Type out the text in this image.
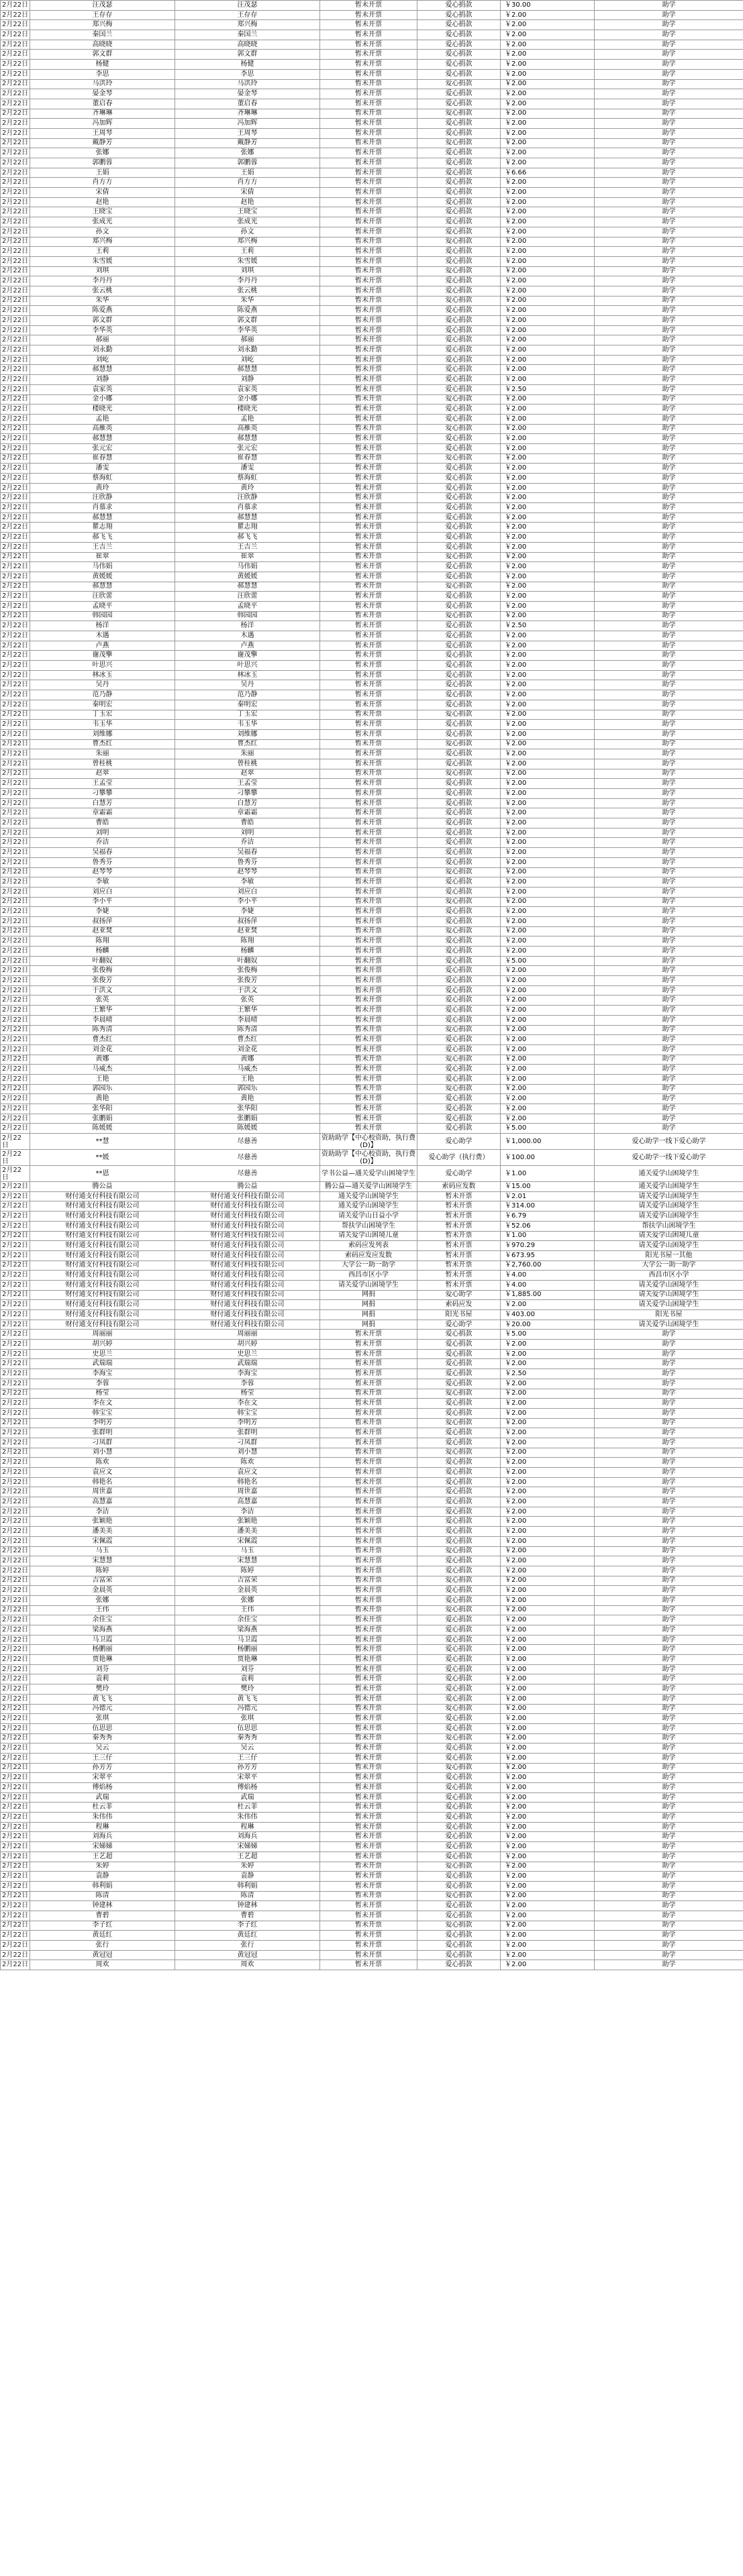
2月22日	汪茂瑟	汪茂瑟	暂未开票	爱心捐款	￥30.00	助学
2月22日	王存存	王存存	暂未开票	爱心捐款	￥2.00	助学
2月22日	郑兴梅	郑兴梅	暂未开票	爱心捐款	￥2.00	助学
2月22日	秦国兰	秦国兰	暂未开票	爱心捐款	￥2.00	助学
2月22日	高晓晓	高晓晓	暂未开票	爱心捐款	￥2.00	助学
2月22日	郭文群	郭文群	暂未开票	爱心捐款	￥2.00	助学
2月22日	杨健	杨健	暂未开票	爱心捐款	￥2.00	助学
2月22日	李思	李思	暂未开票	爱心捐款	￥2.00	助学
2月22日	马洪玲	马洪玲	暂未开票	爱心捐款	￥2.00	助学
2月22日	晏金琴	晏金琴	暂未开票	爱心捐款	￥2.00	助学
2月22日	董启春	董启春	暂未开票	爱心捐款	￥2.00	助学
2月22日	齐琳琳	齐琳琳	暂未开票	爱心捐款	￥2.00	助学
2月22日	冯加辉	冯加辉	暂未开票	爱心捐款	￥2.00	助学
2月22日	王周琴	王周琴	暂未开票	爱心捐款	￥2.00	助学
2月22日	戴静芳	戴静芳	暂未开票	爱心捐款	￥2.00	助学
2月22日	张娜	张娜	暂未开票	爱心捐款	￥2.00	助学
2月22日	郭鹏蓉	郭鹏蓉	暂未开票	爱心捐款	￥2.00	助学
2月22日	王娟	王娟	暂未开票	爱心捐款	￥6.66	助学
2月22日	肖方方	肖方方	暂未开票	爱心捐款	￥2.00	助学
2月22日	宋倩	宋倩	暂未开票	爱心捐款	￥2.00	助学
2月22日	赵艳	赵艳	暂未开票	爱心捐款	￥2.00	助学
2月22日	王晓宝	王晓宝	暂未开票	爱心捐款	￥2.00	助学
2月22日	张成光	张成光	暂未开票	爱心捐款	￥2.00	助学
2月22日	孙文	孙文	暂未开票	爱心捐款	￥2.00	助学
2月22日	郑兴梅	郑兴梅	暂未开票	爱心捐款	￥2.00	助学
2月22日	王莉	王莉	暂未开票	爱心捐款	￥2.00	助学
2月22日	朱雪媛	朱雪媛	暂未开票	爱心捐款	￥2.00	助学
2月22日	刘琪	刘琪	暂未开票	爱心捐款	￥2.00	助学
2月22日	李丹丹	李丹丹	暂未开票	爱心捐款	￥2.00	助学
2月22日	张云桃	张云桃	暂未开票	爱心捐款	￥2.00	助学
2月22日	朱华	朱华	暂未开票	爱心捐款	￥2.00	助学
2月22日	陈爱燕	陈爱燕	暂未开票	爱心捐款	￥2.00	助学
2月22日	郭文群	郭文群	暂未开票	爱心捐款	￥2.00	助学
2月22日	李华英	李华英	暂未开票	爱心捐款	￥2.00	助学
2月22日	郝丽	郝丽	暂未开票	爱心捐款	￥2.00	助学
2月22日	刘永勤	刘永勤	暂未开票	爱心捐款	￥2.00	助学
2月22日	刘屹	刘屹	暂未开票	爱心捐款	￥2.00	助学
2月22日	郝慧慧	郝慧慧	暂未开票	爱心捐款	￥2.00	助学
2月22日	刘静	刘静	暂未开票	爱心捐款	￥2.00	助学
2月22日	袁家英	袁家英	暂未开票	爱心捐款	￥2.50	助学
2月22日	金小娜	金小娜	暂未开票	爱心捐款	￥2.00	助学
2月22日	楼晓光	楼晓光	暂未开票	爱心捐款	￥2.00	助学
2月22日	孟艳	孟艳	暂未开票	爱心捐款	￥2.00	助学
2月22日	高雁英	高雁英	暂未开票	爱心捐款	￥2.00	助学
2月22日	郝慧慧	郝慧慧	暂未开票	爱心捐款	￥2.00	助学
2月22日	张元宏	张元宏	暂未开票	爱心捐款	￥2.00	助学
2月22日	崔春慧	崔春慧	暂未开票	爱心捐款	￥2.00	助学
2月22日	潘雯	潘雯	暂未开票	爱心捐款	￥2.00	助学
2月22日	蔡海虹	蔡海虹	暂未开票	爱心捐款	￥2.00	助学
2月22日	黄玲	黄玲	暂未开票	爱心捐款	￥2.00	助学
2月22日	汪欣静	汪欣静	暂未开票	爱心捐款	￥2.00	助学
2月22日	肖慕求	肖慕求	暂未开票	爱心捐款	￥2.00	助学
2月22日	郝慧慧	郝慧慧	暂未开票	爱心捐款	￥2.00	助学
2月22日	瞿志翔	瞿志翔	暂未开票	爱心捐款	￥2.00	助学
2月22日	郝飞飞	郝飞飞	暂未开票	爱心捐款	￥2.00	助学
2月22日	王吉兰	王吉兰	暂未开票	爱心捐款	￥2.00	助学
2月22日	崔翠	崔翠	暂未开票	爱心捐款	￥2.00	助学
2月22日	马伟娟	马伟娟	暂未开票	爱心捐款	￥2.00	助学
2月22日	黄媛媛	黄媛媛	暂未开票	爱心捐款	￥2.00	助学
2月22日	郝慧慧	郝慧慧	暂未开票	爱心捐款	￥2.00	助学
2月22日	汪欣蕾	汪欣蕾	暂未开票	爱心捐款	￥2.00	助学
2月22日	孟晓平	孟晓平	暂未开票	爱心捐款	￥2.00	助学
2月22日	韩园园	韩园园	暂未开票	爱心捐款	￥2.00	助学
2月22日	杨洋	杨洋	暂未开票	爱心捐款	￥2.50	助学
2月22日	木遇	木遇	暂未开票	爱心捐款	￥2.00	助学
2月22日	卢燕	卢燕	暂未开票	爱心捐款	￥2.00	助学
2月22日	谢茂擎	谢茂擎	暂未开票	爱心捐款	￥2.00	助学
2月22日	叶思兴	叶思兴	暂未开票	爱心捐款	￥2.00	助学
2月22日	林冰玉	林冰玉	暂未开票	爱心捐款	￥2.00	助学
2月22日	吴丹	吴丹	暂未开票	爱心捐款	￥2.00	助学
2月22日	范乃静	范乃静	暂未开票	爱心捐款	￥2.00	助学
2月22日	秦明宏	秦明宏	暂未开票	爱心捐款	￥2.00	助学
2月22日	丁玉宏	丁玉宏	暂未开票	爱心捐款	￥2.00	助学
2月22日	韦玉华	韦玉华	暂未开票	爱心捐款	￥2.00	助学
2月22日	刘维娜	刘维娜	暂未开票	爱心捐款	￥2.00	助学
2月22日	曹杰红	曹杰红	暂未开票	爱心捐款	￥2.00	助学
2月22日	朱丽	朱丽	暂未开票	爱心捐款	￥2.00	助学
2月22日	曾桂桃	曾桂桃	暂未开票	爱心捐款	￥2.00	助学
2月22日	赵翠	赵翠	暂未开票	爱心捐款	￥2.00	助学
2月22日	王孟莹	王孟莹	暂未开票	爱心捐款	￥2.00	助学
2月22日	刁攀攀	刁攀攀	暂未开票	爱心捐款	￥2.00	助学
2月22日	白慧芳	白慧芳	暂未开票	爱心捐款	￥2.00	助学
2月22日	章霜霜	章霜霜	暂未开票	爱心捐款	￥2.00	助学
2月22日	曹皓	曹皓	暂未开票	爱心捐款	￥2.00	助学
2月22日	刘明	刘明	暂未开票	爱心捐款	￥2.00	助学
2月22日	乔洁	乔洁	暂未开票	爱心捐款	￥2.00	助学
2月22日	吴福春	吴福春	暂未开票	爱心捐款	￥2.00	助学
2月22日	鲁秀芬	鲁秀芬	暂未开票	爱心捐款	￥2.00	助学
2月22日	赵琴琴	赵琴琴	暂未开票	爱心捐款	￥2.00	助学
2月22日	李敏	李敏	暂未开票	爱心捐款	￥2.00	助学
2月22日	刘应白	刘应白	暂未开票	爱心捐款	￥2.00	助学
2月22日	李小平	李小平	暂未开票	爱心捐款	￥2.00	助学
2月22日	李婕	李婕	暂未开票	爱心捐款	￥2.00	助学
2月22日	叔扬萍	叔扬萍	暂未开票	爱心捐款	￥2.00	助学
2月22日	赵亚焚	赵亚焚	暂未开票	爱心捐款	￥2.00	助学
2月22日	陈翔	陈翔	暂未开票	爱心捐款	￥2.00	助学
2月22日	杨麟	杨麟	暂未开票	爱心捐款	￥2.00	助学
2月22日	叶翻奴	叶翻奴	暂未开票	爱心捐款	￥5.00	助学
2月22日	张俊梅	张俊梅	暂未开票	爱心捐款	￥2.00	助学
2月22日	张俊芳	张俊芳	暂未开票	爱心捐款	￥2.00	助学
2月22日	于洪文	于洪文	暂未开票	爱心捐款	￥2.00	助学
2月22日	张英	张英	暂未开票	爱心捐款	￥2.00	助学
2月22日	王繁华	王繁华	暂未开票	爱心捐款	￥2.00	助学
2月22日	李晨晴	李晨晴	暂未开票	爱心捐款	￥2.00	助学
2月22日	陈秀清	陈秀清	暂未开票	爱心捐款	￥2.00	助学
2月22日	曹杰红	曹杰红	暂未开票	爱心捐款	￥2.00	助学
2月22日	刘金花	刘金花	暂未开票	爱心捐款	￥2.00	助学
2月22日	黄娜	黄娜	暂未开票	爱心捐款	￥2.00	助学
2月22日	马威杰	马威杰	暂未开票	爱心捐款	￥2.00	助学
2月22日	王艳	王艳	暂未开票	爱心捐款	￥2.00	助学
2月22日	郭园乐	郭园乐	暂未开票	爱心捐款	￥2.00	助学
2月22日	黄艳	黄艳	暂未开票	爱心捐款	￥2.00	助学
2月22日	张华阳	张华阳	暂未开票	爱心捐款	￥2.00	助学
2月22日	张鹏娟	张鹏娟	暂未开票	爱心捐款	￥2.00	助学
2月22日	陈媛媛	陈媛媛	暂未开票	爱心捐款	￥5.00	助学
2月22日	**慧	尽慈善	资助助学【中心校资助，执行费(D)】	爱心助学	￥1,000.00	爱心助学一线下爱心助学
2月22日	**媛	尽慈善	资助助学【中心校资助，执行费(D)】	爱心助学（执行费）	￥100.00	爱心助学一线下爱心助学
2月22日	**恩	尽慈善	学书公益—通关爱学山困境学生	爱心助学	￥1.00	通关爱学山困境学生
2月22日	腾公益	腾公益	腾公益—通关爱学山困境学生	索码应发数	￥15.00	通关爱学山困境学生
2月22日	财付通支付科技有限公司	财付通支付科技有限公司	通关爱学山困境学生	暂未开票	￥2.01	请关爱学山困境学生
2月22日	财付通支付科技有限公司	财付通支付科技有限公司	通关爱学山困境学生	暂未开票	￥314.00	请关爱学山困境学生
2月22日	财付通支付科技有限公司	财付通支付科技有限公司	请关爱学山日益小学	暂未开票	￥6.79	请关爱学山困境学生
2月22日	财付通支付科技有限公司	财付通支付科技有限公司	帮扶学山困境学生	暂未开票	￥52.06	帮扶学山困境学生
2月22日	财付通支付科技有限公司	财付通支付科技有限公司	请关爱学山困境儿童	暂未开票	￥1.00	请关爱学山困境儿童
2月22日	财付通支付科技有限公司	财付通支付科技有限公司	索码应发列表	暂未开票	￥970.29	请关爱学山困境学生
2月22日	财付通支付科技有限公司	财付通支付科技有限公司	索码应发应发数	暂未开票	￥673.95	阳光书屋一其他
2月22日	财付通支付科技有限公司	财付通支付科技有限公司	大学公一助一助学	暂未开票	￥2,760.00	大学公一助一助学
2月22日	财付通支付科技有限公司	财付通支付科技有限公司	西昌市区小学	暂未开票	￥4.00	西昌市区小学
2月22日	财付通支付科技有限公司	财付通支付科技有限公司	请关爱学山困境学生	暂未开票	￥4.00	请关爱学山困境学生
2月22日	财付通支付科技有限公司	财付通支付科技有限公司	网捐	爱心助学	￥1,885.00	请关爱学山困境学生
2月22日	财付通支付科技有限公司	财付通支付科技有限公司	网捐	索码应发	￥2.00	请关爱学山困境学生
2月22日	财付通支付科技有限公司	财付通支付科技有限公司	网捐	阳光书屋	￥403.00	阳光书屋
2月22日	财付通支付科技有限公司	财付通支付科技有限公司	网捐	爱心助学	￥20.00	请关爱学山困境学生
2月22日	周丽丽	周丽丽	暂未开票	爱心捐款	￥5.00	助学
2月22日	胡兴婷	胡兴婷	暂未开票	爱心捐款	￥2.00	助学
2月22日	史思兰	史思兰	暂未开票	爱心捐款	￥2.00	助学
2月22日	武瑞瑞	武瑞瑞	暂未开票	爱心捐款	￥2.00	助学
2月22日	李海宝	李海宝	暂未开票	爱心捐款	￥2.50	助学
2月22日	李蓉	李蓉	暂未开票	爱心捐款	￥2.00	助学
2月22日	杨莹	杨莹	暂未开票	爱心捐款	￥2.00	助学
2月22日	李在文	李在文	暂未开票	爱心捐款	￥2.00	助学
2月22日	韩宝宝	韩宝宝	暂未开票	爱心捐款	￥2.00	助学
2月22日	李明芳	李明芳	暂未开票	爱心捐款	￥2.00	助学
2月22日	张群明	张群明	暂未开票	爱心捐款	￥2.00	助学
2月22日	刁凤群	刁凤群	暂未开票	爱心捐款	￥2.00	助学
2月22日	刘小慧	刘小慧	暂未开票	爱心捐款	￥2.00	助学
2月22日	陈欢	陈欢	暂未开票	爱心捐款	￥2.00	助学
2月22日	袁应文	袁应文	暂未开票	爱心捐款	￥2.00	助学
2月22日	韩艳名	韩艳名	暂未开票	爱心捐款	￥2.00	助学
2月22日	周世嘉	周世嘉	暂未开票	爱心捐款	￥2.00	助学
2月22日	高慧嘉	高慧嘉	暂未开票	爱心捐款	￥2.00	助学
2月22日	李洁	李洁	暂未开票	爱心捐款	￥2.00	助学
2月22日	张颖艳	张颖艳	暂未开票	爱心捐款	￥2.00	助学
2月22日	潘美美	潘美美	暂未开票	爱心捐款	￥2.00	助学
2月22日	宋佩霞	宋佩霞	暂未开票	爱心捐款	￥2.00	助学
2月22日	马玉	马玉	暂未开票	爱心捐款	￥2.00	助学
2月22日	宋慧慧	宋慧慧	暂未开票	爱心捐款	￥2.00	助学
2月22日	陈婷	陈婷	暂未开票	爱心捐款	￥2.00	助学
2月22日	吉富荣	吉富荣	暂未开票	爱心捐款	￥2.00	助学
2月22日	金晨英	金晨英	暂未开票	爱心捐款	￥2.00	助学
2月22日	张娜	张娜	暂未开票	爱心捐款	￥2.00	助学
2月22日	王伟	王伟	暂未开票	爱心捐款	￥2.00	助学
2月22日	余佳宝	余佳宝	暂未开票	爱心捐款	￥2.00	助学
2月22日	梁海燕	梁海燕	暂未开票	爱心捐款	￥2.00	助学
2月22日	马卫霞	马卫霞	暂未开票	爱心捐款	￥2.00	助学
2月22日	杨鹏丽	杨鹏丽	暂未开票	爱心捐款	￥2.00	助学
2月22日	贾艳琳	贾艳琳	暂未开票	爱心捐款	￥2.00	助学
2月22日	刘芬	刘芬	暂未开票	爱心捐款	￥2.00	助学
2月22日	袁莉	袁莉	暂未开票	爱心捐款	￥2.00	助学
2月22日	樊玲	樊玲	暂未开票	爱心捐款	￥2.00	助学
2月22日	黄飞飞	黄飞飞	暂未开票	爱心捐款	￥2.00	助学
2月22日	冯德元	冯德元	暂未开票	爱心捐款	￥2.00	助学
2月22日	张琪	张琪	暂未开票	爱心捐款	￥2.00	助学
2月22日	伍思思	伍思思	暂未开票	爱心捐款	￥2.00	助学
2月22日	秦秀秀	秦秀秀	暂未开票	爱心捐款	￥2.00	助学
2月22日	吴云	吴云	暂未开票	爱心捐款	￥2.00	助学
2月22日	王三仔	王三仔	暂未开票	爱心捐款	￥2.00	助学
2月22日	孙芳芳	孙芳芳	暂未开票	爱心捐款	￥2.00	助学
2月22日	宋翠平	宋翠平	暂未开票	爱心捐款	￥2.00	助学
2月22日	傅焰杨	傅焰杨	暂未开票	爱心捐款	￥2.00	助学
2月22日	武瑞	武瑞	暂未开票	爱心捐款	￥2.00	助学
2月22日	杜云菲	杜云菲	暂未开票	爱心捐款	￥2.00	助学
2月22日	朱伟伟	朱伟伟	暂未开票	爱心捐款	￥2.00	助学
2月22日	程琳	程琳	暂未开票	爱心捐款	￥2.00	助学
2月22日	刘海兵	刘海兵	暂未开票	爱心捐款	￥2.00	助学
2月22日	宋娣娣	宋娣娣	暂未开票	爱心捐款	￥2.00	助学
2月22日	王艺超	王艺超	暂未开票	爱心捐款	￥2.00	助学
2月22日	朱婷	朱婷	暂未开票	爱心捐款	￥2.00	助学
2月22日	袁静	袁静	暂未开票	爱心捐款	￥2.00	助学
2月22日	韩利娟	韩利娟	暂未开票	爱心捐款	￥2.00	助学
2月22日	陈清	陈清	暂未开票	爱心捐款	￥2.00	助学
2月22日	钟建林	钟建林	暂未开票	爱心捐款	￥2.00	助学
2月22日	曹碧	曹碧	暂未开票	爱心捐款	￥2.00	助学
2月22日	李子红	李子红	暂未开票	爱心捐款	￥2.00	助学
2月22日	黄廷红	黄廷红	暂未开票	爱心捐款	￥2.00	助学
2月22日	张行	张行	暂未开票	爱心捐款	￥2.00	助学
2月22日	黄冠冠	黄冠冠	暂未开票	爱心捐款	￥2.00	助学
2月22日	周欢	周欢	暂未开票	爱心捐款	￥2.00	助学
